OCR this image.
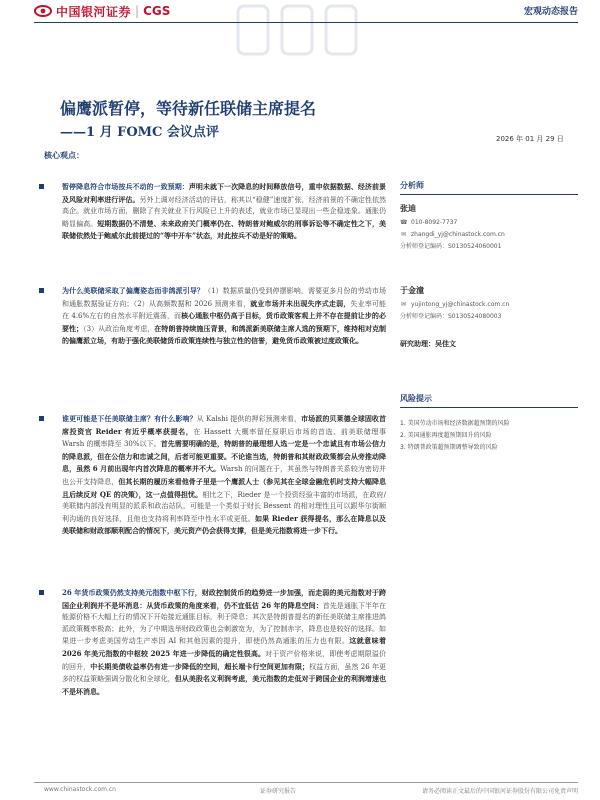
中国银河证券 | CGS	宏观动态报告
偏鹰派暂停，等待新任联储主席提名
——1 月 FOMC 会议点评	2026 年 01 月 29 日
核心观点：
暂停降息符合市场按兵不动的一致预期：声明未就下一次降息的时间释放信号，重申依据数据、经济前景及风险对利率进行评估。另外上调对经济活动的评估，称其以“稳健”速度扩张，经济前景的不确定性依然高企。就业市场方面，删除了有关就业下行风险已上升的表述，就业市场已显现出一些企稳迹象。通胀仍略显偏高。短期数据仍不清楚、未来政府关门概率仍在、特朗普对鲍威尔的刑事诉讼等不确定性之下，美联储依然处于鲍威尔此前提过的“等中开车”状态，对此按兵不动是好的策略。
为什么美联储采取了偏鹰姿态而非鸽派引导？（1）数据质量仍受到停摆影响，需要更多月份的劳动市场和通胀数据验证方向；（2）从高频数据和 2026 预测来看，就业市场并未出现失序式走弱，失业率可能在 4.6%左右的自然水平附近震荡，而核心通胀中枢仍高于目标，货币政策客观上并不存在提前让步的必要性；（3）从政治角度考虑，在特朗普持续施压背景，和鸽派新美联储主席人选的预期下，维持相对克制的偏鹰派立场，有助于强化美联储货币政策连续性与独立性的信誉，避免货币政策被过度政策化。
谁更可能是下任美联储主席？有什么影响？从 Kalshi 提供的押彩预测来看，市场派的贝莱德全球固收首席投资官 Reider 有近乎概率获提名，在 Hassett 大概率留任原职后市场的首选、前美联储理事 Warsh 的概率降至 30%以下。首先需要明确的是，特朗普的最理想人选一定是一个忠诚且有市场公信力的降息派，但在公信力和忠诚之间，后者可能更重要。不论谁当选，特朗普和其财政政策都会从旁推动降息，虽然 6 月前出现年内首次降息的概率并不大。Warsh 的问题在于，其虽然与特朗普关系较为密切并也公开支持降息，但其长期的履历来看他骨子里是一个鹰派人士（参见其在全球金融危机时支持大幅降息且后续反对 QE 的决策），这一点值得担忧。相比之下，Rieder 是一个投资经验丰富的市场派，在政府/美联储内部没有明显的派系和政治站队，可能是一个类似于财长 Bessent 的相对理性且可以跟华尔街顺利沟通的良好选择，且他也支持将利率降至中性水平或更低。如果 Rieder 获得提名，那么在降息以及美联储和财政部顺利配合的情况下，美元资产仍会获得支撑，但是美元指数将进一步下行。
26 年货币政策仍然支持美元指数中枢下行，财政控制货币的趋势进一步加强，而走弱的美元指数对于跨国企业利润并不是坏消息：从货币政策的角度来看，仍不宜低估 26 年的降息空间：首先是通胀下半年在能源价格不大幅上行的情况下开始接近通胀目标，利于降息；其次是特朗普提名的新任美联储主席推进鸽派政策概率极高；此外，为了中期选举财政政策也会刺激宽为，为了控制赤字，降息也是较好的选择。如果进一步考虑美国劳动生产率因 AI 和其他因素的提升，即使仍然高通胀的压力也有限。这就意味着 2026 年美元指数的中枢较 2025 年进一步降低的确定性很高。对于资产价格来说，即使考虑期限溢价的回升，中长期美债收益率仍有进一步降低的空间，超长端卡行空间更加有限；权益方面，虽然 26 年更多的权益策略强调分散化和全球化，但从美股名义利润考虑，美元指数的走低对于跨国企业的利润增速也不是坏消息。
分析师
张迪
☎ 010-8092-7737
✉ zhangdi_yj@chinastock.com.cn
分析师登记编码：S0130524060001
于金潼
✉ yujintong_yj@chinastock.com.cn
分析师登记编码：S0130524080003
研究助理：吴佳文
风险提示
1. 美国劳动市场和经济数据超预期的风险
2. 美国通胀再度超预期回升的风险
3. 特朗普政策超预期调整导致的风险
www.chinastock.com.cn	证券研究报告	请务必阅读正文最后的中国银河证券股份有限公司免责声明
